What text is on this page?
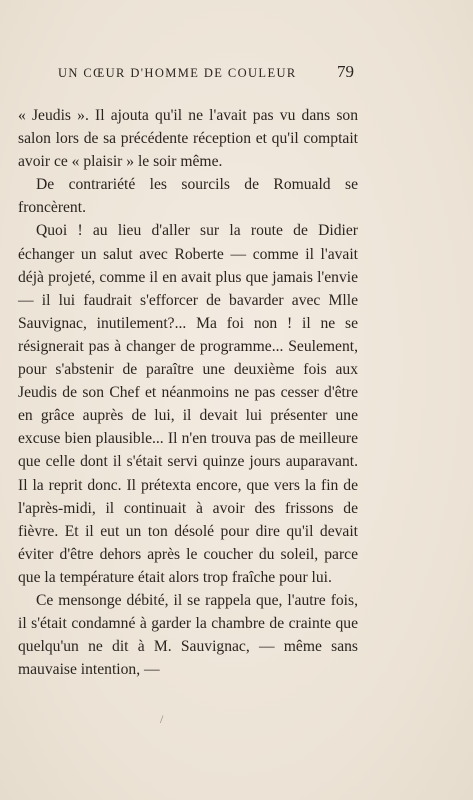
UN CŒUR D'HOMME DE COULEUR 79

« Jeudis ». Il ajouta qu'il ne l'avait pas vu dans son salon lors de sa précédente réception et qu'il comptait avoir ce « plaisir » le soir même.

De contrariété les sourcils de Romuald se froncèrent.

Quoi ! au lieu d'aller sur la route de Didier échanger un salut avec Roberte — comme il l'avait déjà projeté, comme il en avait plus que jamais l'envie — il lui faudrait s'efforcer de bavarder avec Mlle Sauvignac, inutilement?... Ma foi non ! il ne se résignerait pas à changer de programme... Seulement, pour s'abstenir de paraître une deuxième fois aux Jeudis de son Chef et néanmoins ne pas cesser d'être en grâce auprès de lui, il devait lui présenter une excuse bien plausible... Il n'en trouva pas de meilleure que celle dont il s'était servi quinze jours auparavant. Il la reprit donc. Il prétexta encore, que vers la fin de l'après-midi, il continuait à avoir des frissons de fièvre. Et il eut un ton désolé pour dire qu'il devait éviter d'être dehors après le coucher du soleil, parce que la température était alors trop fraîche pour lui.

Ce mensonge débité, il se rappela que, l'autre fois, il s'était condamné à garder la chambre de crainte que quelqu'un ne dit à M. Sauvignac, — même sans mauvaise intention, —

/
